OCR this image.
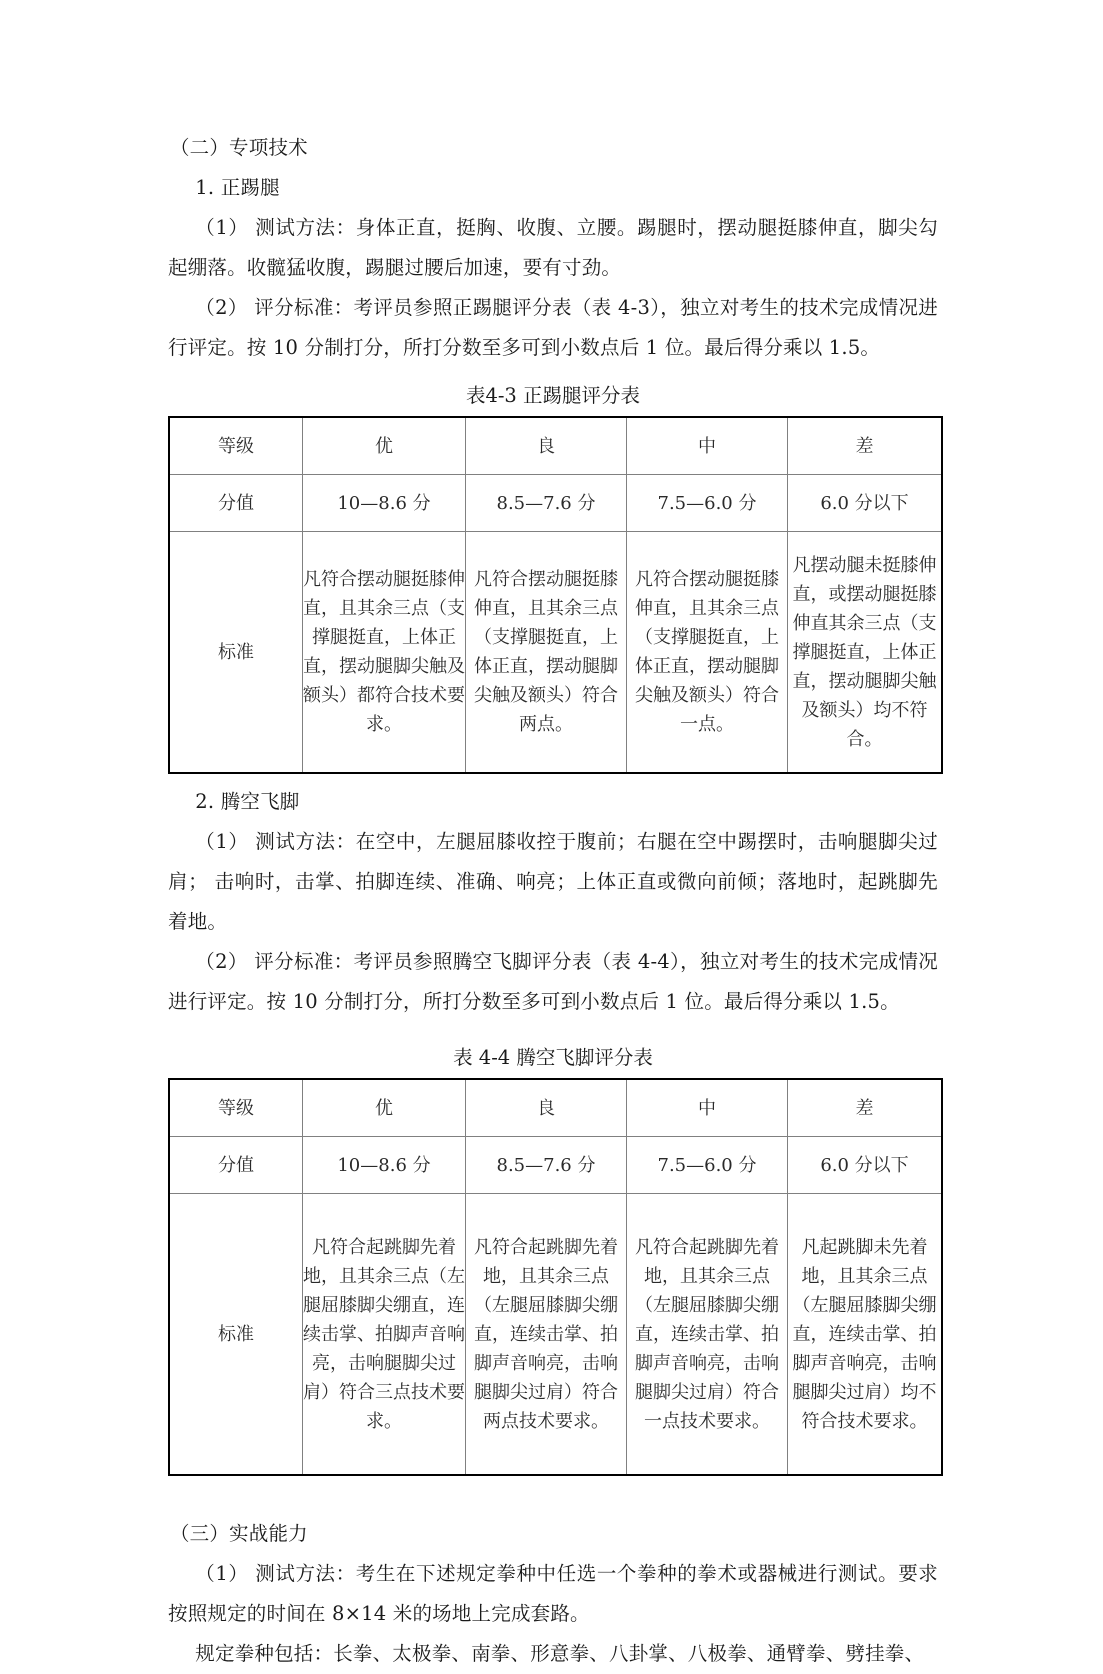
（二）专项技术

1. 正踢腿

（1） 测试方法：身体正直，挺胸、收腹、立腰。踢腿时，摆动腿挺膝伸直，脚尖勾起绷落。收髋猛收腹，踢腿过腰后加速，要有寸劲。

（2） 评分标准：考评员参照正踢腿评分表（表 4-3），独立对考生的技术完成情况进行评定。按 10 分制打分，所打分数至多可到小数点后 1 位。最后得分乘以 1.5。

表4-3 正踢腿评分表

等级	优	良	中	差
分值	10—8.6 分	8.5—7.6 分	7.5—6.0 分	6.0 分以下
标准	凡符合摆动腿挺膝伸直，且其余三点（支撑腿挺直，上体正直，摆动腿脚尖触及额头）都符合技术要求。	凡符合摆动腿挺膝伸直，且其余三点（支撑腿挺直，上体正直，摆动腿脚尖触及额头）符合两点。	凡符合摆动腿挺膝伸直，且其余三点（支撑腿挺直，上体正直，摆动腿脚尖触及额头）符合一点。	凡摆动腿未挺膝伸直，或摆动腿挺膝伸直其余三点（支撑腿挺直，上体正直，摆动腿脚尖触及额头）均不符合。

2. 腾空飞脚

（1） 测试方法：在空中，左腿屈膝收控于腹前；右腿在空中踢摆时，击响腿脚尖过肩； 击响时，击掌、拍脚连续、准确、响亮；上体正直或微向前倾；落地时，起跳脚先着地。

（2） 评分标准：考评员参照腾空飞脚评分表（表 4-4），独立对考生的技术完成情况进行评定。按 10 分制打分，所打分数至多可到小数点后 1 位。最后得分乘以 1.5。

表 4-4 腾空飞脚评分表

等级	优	良	中	差
分值	10—8.6 分	8.5—7.6 分	7.5—6.0 分	6.0 分以下
标准	凡符合起跳脚先着地，且其余三点（左腿屈膝脚尖绷直，连续击掌、拍脚声音响亮，击响腿脚尖过肩）符合三点技术要求。	凡符合起跳脚先着地，且其余三点（左腿屈膝脚尖绷直，连续击掌、拍脚声音响亮，击响腿脚尖过肩）符合两点技术要求。	凡符合起跳脚先着地，且其余三点（左腿屈膝脚尖绷直，连续击掌、拍脚声音响亮，击响腿脚尖过肩）符合一点技术要求。	凡起跳脚未先着地，且其余三点（左腿屈膝脚尖绷直，连续击掌、拍脚声音响亮，击响腿脚尖过肩）均不符合技术要求。

（三）实战能力

（1） 测试方法：考生在下述规定拳种中任选一个拳种的拳术或器械进行测试。要求按照规定的时间在 8×14 米的场地上完成套路。

规定拳种包括：长拳、太极拳、南拳、形意拳、八卦掌、八极拳、通臂拳、劈挂拳、
